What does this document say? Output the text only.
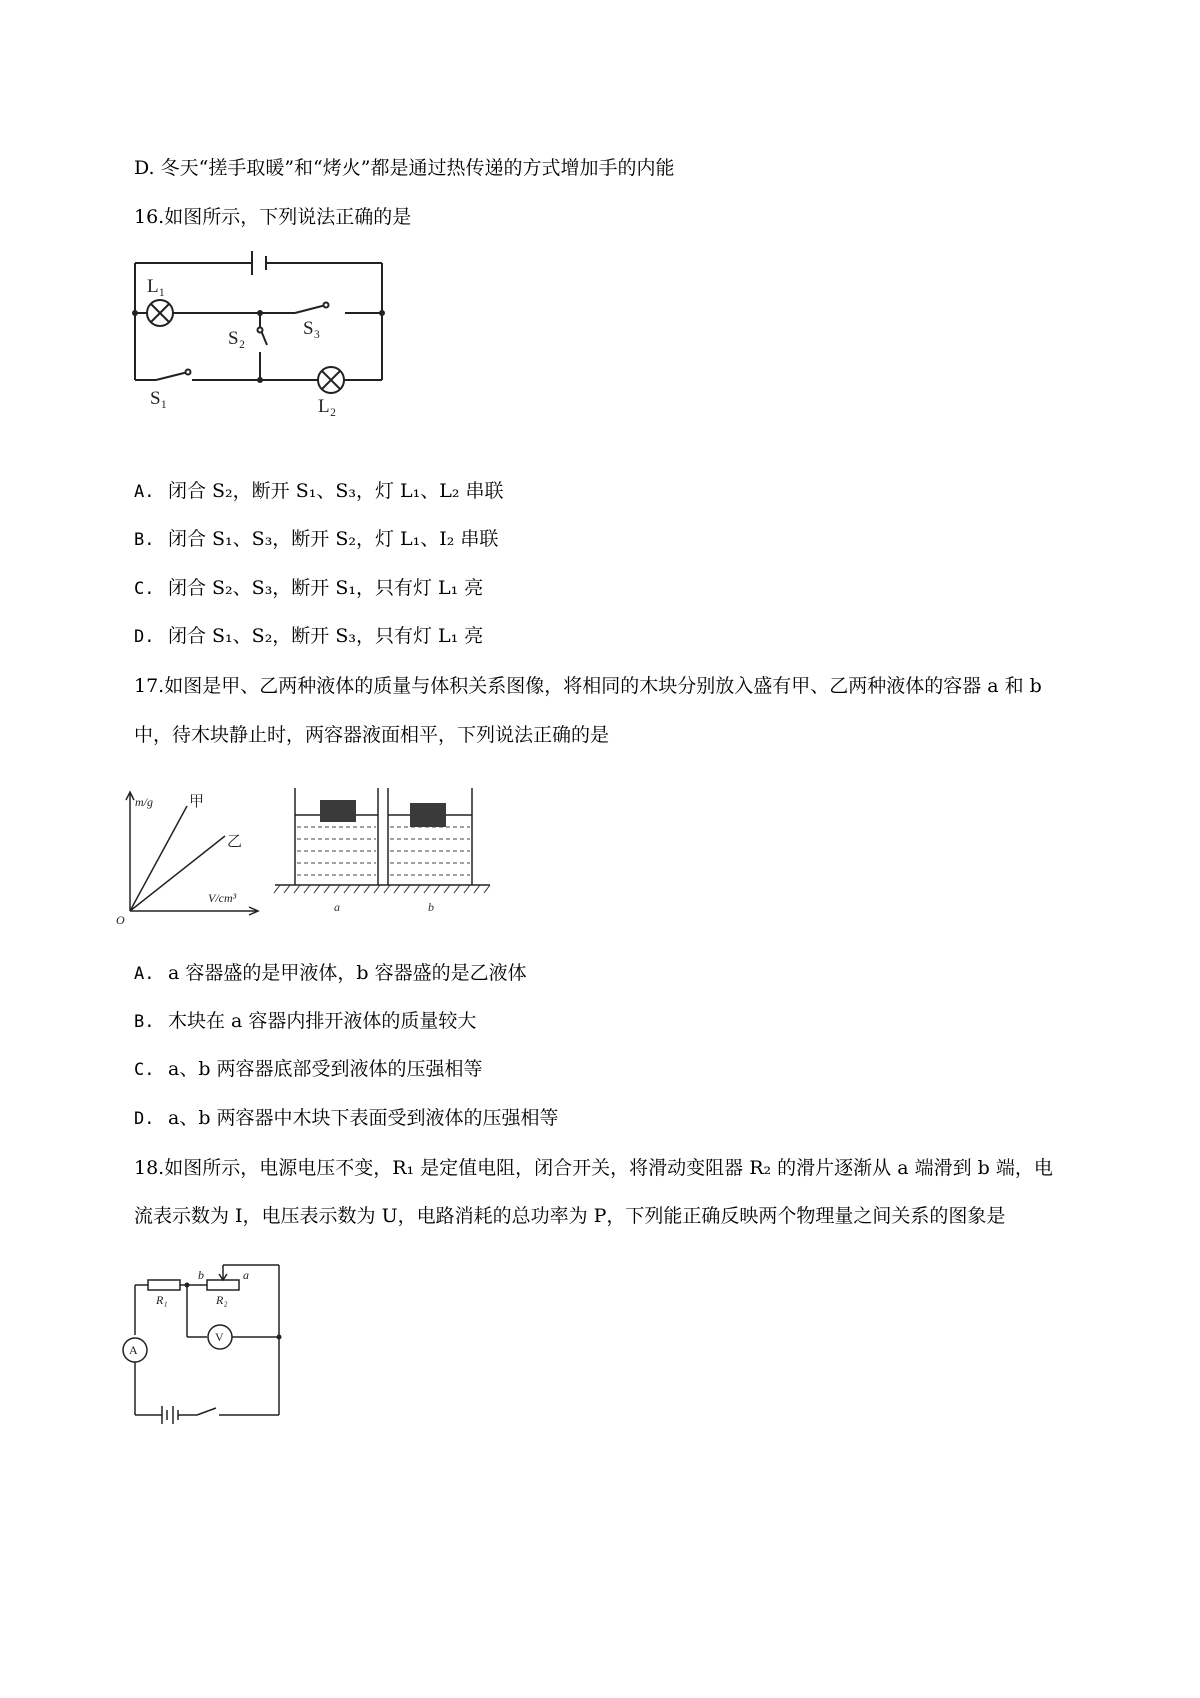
D. 冬天“搓手取暖”和“烤火”都是通过热传递的方式增加手的内能
16.如图所示，下列说法正确的是
L₁
S₂	S₃
S₁	L₂
A. 闭合 S₂，断开 S₁、S₃，灯 L₁、L₂ 串联
B. 闭合 S₁、S₃，断开 S₂，灯 L₁、I₂ 串联
C. 闭合 S₂、S₃，断开 S₁，只有灯 L₁ 亮
D. 闭合 S₁、S₂，断开 S₃，只有灯 L₁ 亮
17.如图是甲、乙两种液体的质量与体积关系图像，将相同的木块分别放入盛有甲、乙两种液体的容器 a 和 b
中，待木块静止时，两容器液面相平，下列说法正确的是
m/g
V/cm³
O
甲
乙
a	b
A. a 容器盛的是甲液体，b 容器盛的是乙液体
B. 木块在 a 容器内排开液体的质量较大
C. a、b 两容器底部受到液体的压强相等
D. a、b 两容器中木块下表面受到液体的压强相等
18.如图所示，电源电压不变，R₁ 是定值电阻，闭合开关，将滑动变阻器 R₂ 的滑片逐渐从 a 端滑到 b 端，电
流表示数为 I，电压表示数为 U，电路消耗的总功率为 P，下列能正确反映两个物理量之间关系的图象是
A
V
R₁	R₂
b	a
